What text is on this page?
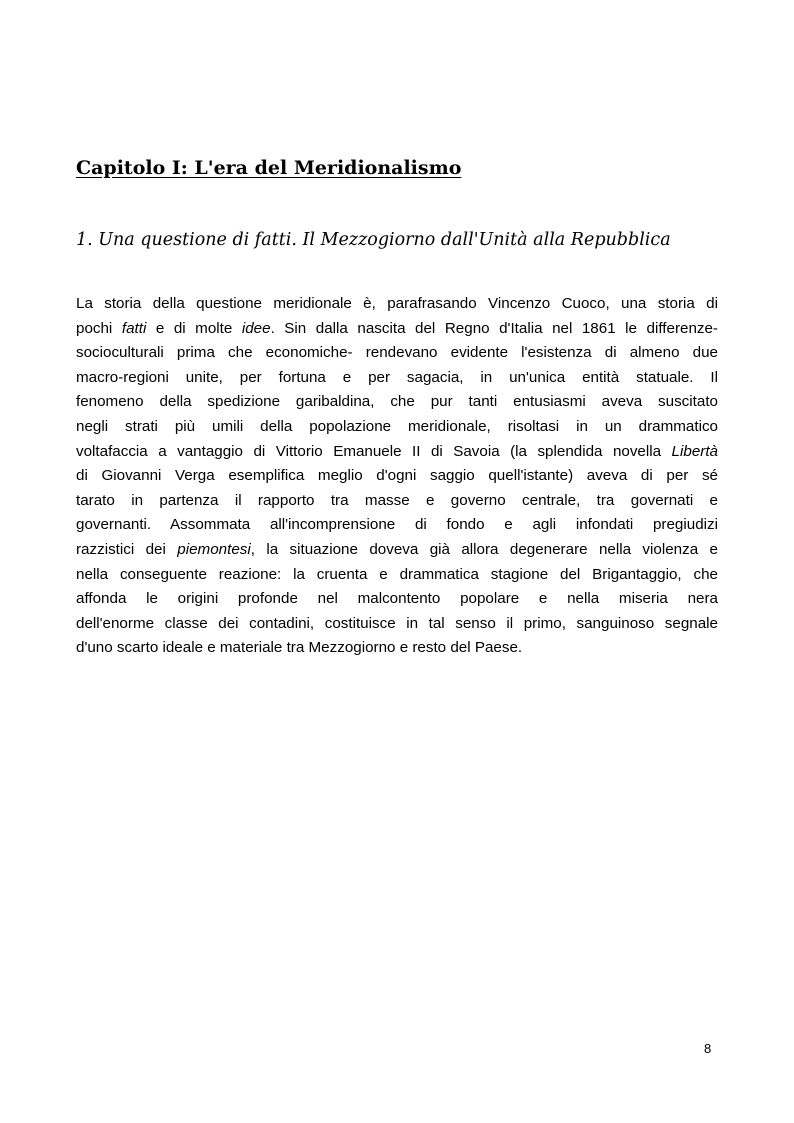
Capitolo I: L'era del Meridionalismo
1. Una questione di fatti. Il Mezzogiorno dall'Unità alla Repubblica
La storia della questione meridionale è, parafrasando Vincenzo Cuoco, una storia di
pochi fatti e di molte idee. Sin dalla nascita del Regno d'Italia nel 1861 le differenze-
socioculturali prima che economiche- rendevano evidente l'esistenza di almeno due
macro-regioni unite, per fortuna e per sagacia, in un'unica entità statuale. Il
fenomeno della spedizione garibaldina, che pur tanti entusiasmi aveva suscitato
negli strati più umili della popolazione meridionale, risoltasi in un drammatico
voltafaccia a vantaggio di Vittorio Emanuele II di Savoia (la splendida novella Libertà
di Giovanni Verga esemplifica meglio d'ogni saggio quell'istante) aveva di per sé
tarato in partenza il rapporto tra masse e governo centrale, tra governati e
governanti. Assommata all'incomprensione di fondo e agli infondati pregiudizi
razzistici dei piemontesi, la situazione doveva già allora degenerare nella violenza e
nella conseguente reazione: la cruenta e drammatica stagione del Brigantaggio, che
affonda le origini profonde nel malcontento popolare e nella miseria nera
dell'enorme classe dei contadini, costituisce in tal senso il primo, sanguinoso segnale
d'uno scarto ideale e materiale tra Mezzogiorno e resto del Paese.
8
